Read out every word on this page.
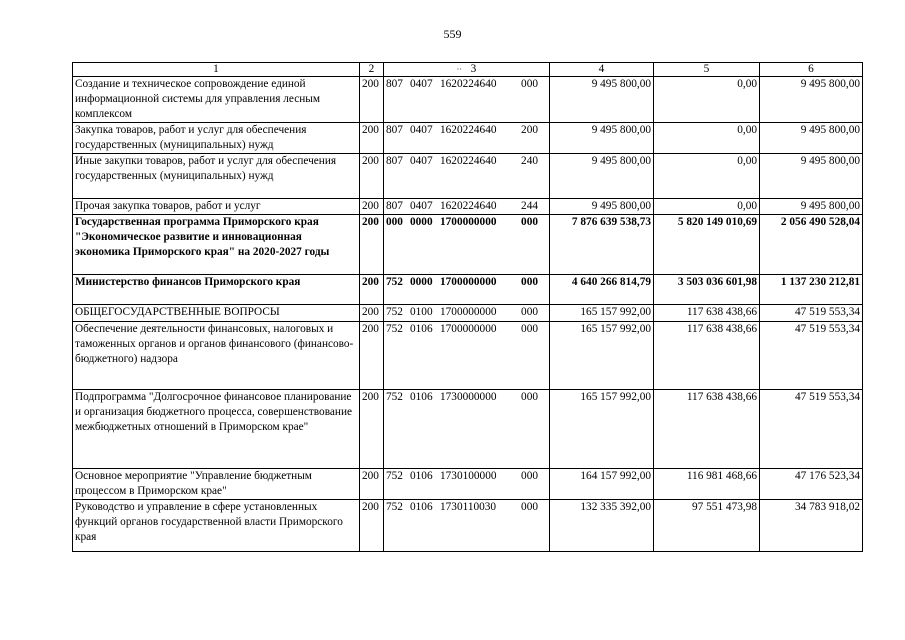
559
1	2	·· 3	4	5	6
Создание и техническое сопровождение единой информационной системы для управления лесным комплексом	200	807 0407 1620224640 000	9 495 800,00	0,00	9 495 800,00
Закупка товаров, работ и услуг для обеспечения государственных (муниципальных) нужд	200	807 0407 1620224640 200	9 495 800,00	0,00	9 495 800,00
Иные закупки товаров, работ и услуг для обеспечения государственных (муниципальных) нужд	200	807 0407 1620224640 240	9 495 800,00	0,00	9 495 800,00
Прочая закупка товаров, работ и услуг	200	807 0407 1620224640 244	9 495 800,00	0,00	9 495 800,00
Государственная программа Приморского края "Экономическое развитие и инновационная экономика Приморского края" на 2020-2027 годы	200	000 0000 1700000000 000	7 876 639 538,73	5 820 149 010,69	2 056 490 528,04
Министерство финансов Приморского края	200	752 0000 1700000000 000	4 640 266 814,79	3 503 036 601,98	1 137 230 212,81
ОБЩЕГОСУДАРСТВЕННЫЕ ВОПРОСЫ	200	752 0100 1700000000 000	165 157 992,00	117 638 438,66	47 519 553,34
Обеспечение деятельности финансовых, налоговых и таможенных органов и органов финансового (финансово-бюджетного) надзора	200	752 0106 1700000000 000	165 157 992,00	117 638 438,66	47 519 553,34
Подпрограмма "Долгосрочное финансовое планирование и организация бюджетного процесса, совершенствование межбюджетных отношений в Приморском крае"	200	752 0106 1730000000 000	165 157 992,00	117 638 438,66	47 519 553,34
Основное мероприятие "Управление бюджетным процессом в Приморском крае"	200	752 0106 1730100000 000	164 157 992,00	116 981 468,66	47 176 523,34
Руководство и управление в сфере установленных функций органов государственной власти Приморского края	200	752 0106 1730110030 000	132 335 392,00	97 551 473,98	34 783 918,02
